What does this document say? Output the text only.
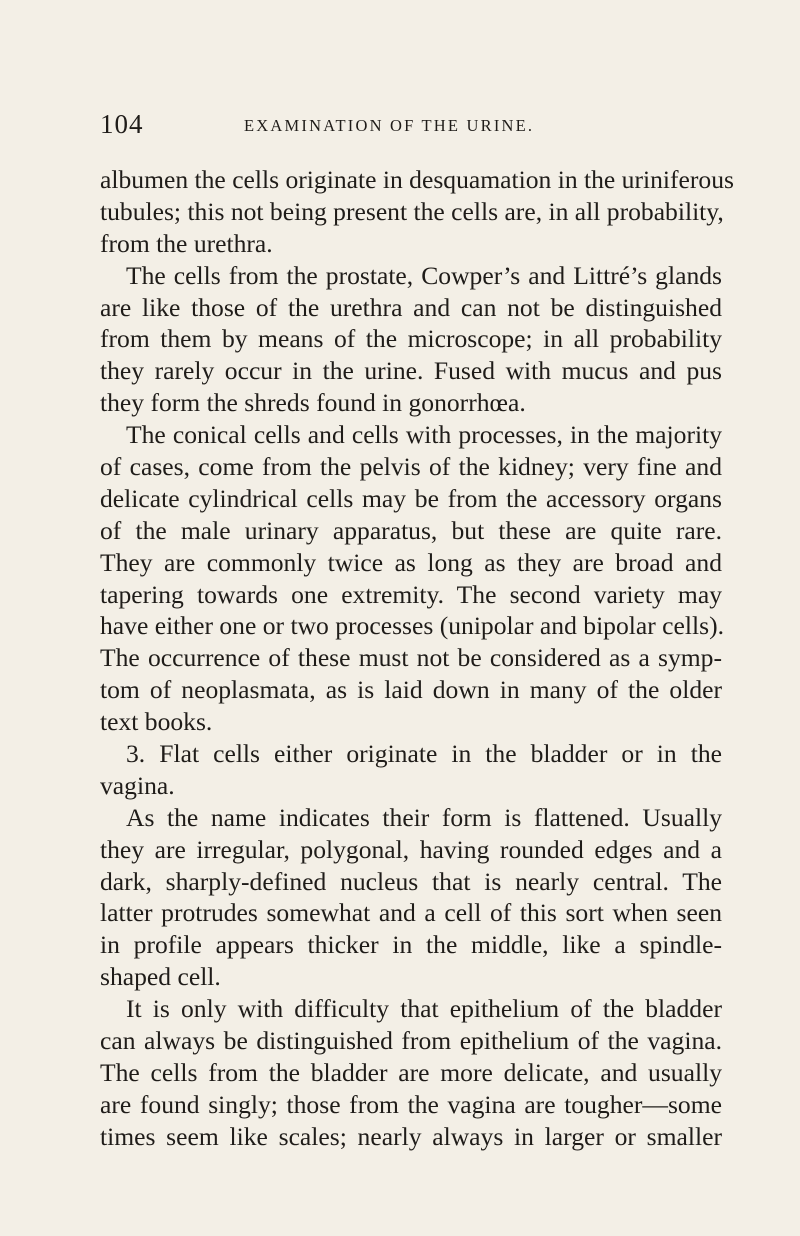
104	EXAMINATION OF THE URINE.
albumen the cells originate in desquamation in the uriniferous
tubules; this not being present the cells are, in all probability,
from the urethra.
The cells from the prostate, Cowper’s and Littré’s glands
are like those of the urethra and can not be distinguished
from them by means of the microscope; in all probability
they rarely occur in the urine. Fused with mucus and pus
they form the shreds found in gonorrhœa.
The conical cells and cells with processes, in the majority
of cases, come from the pelvis of the kidney; very fine and
delicate cylindrical cells may be from the accessory organs
of the male urinary apparatus, but these are quite rare.
They are commonly twice as long as they are broad and
tapering towards one extremity. The second variety may
have either one or two processes (unipolar and bipolar cells).
The occurrence of these must not be considered as a symp-
tom of neoplasmata, as is laid down in many of the older
text books.
3. Flat cells either originate in the bladder or in the
vagina.
As the name indicates their form is flattened. Usually
they are irregular, polygonal, having rounded edges and a
dark, sharply-defined nucleus that is nearly central. The
latter protrudes somewhat and a cell of this sort when seen
in profile appears thicker in the middle, like a spindle-
shaped cell.
It is only with difficulty that epithelium of the bladder
can always be distinguished from epithelium of the vagina.
The cells from the bladder are more delicate, and usually
are found singly; those from the vagina are tougher—some
times seem like scales; nearly always in larger or smaller
